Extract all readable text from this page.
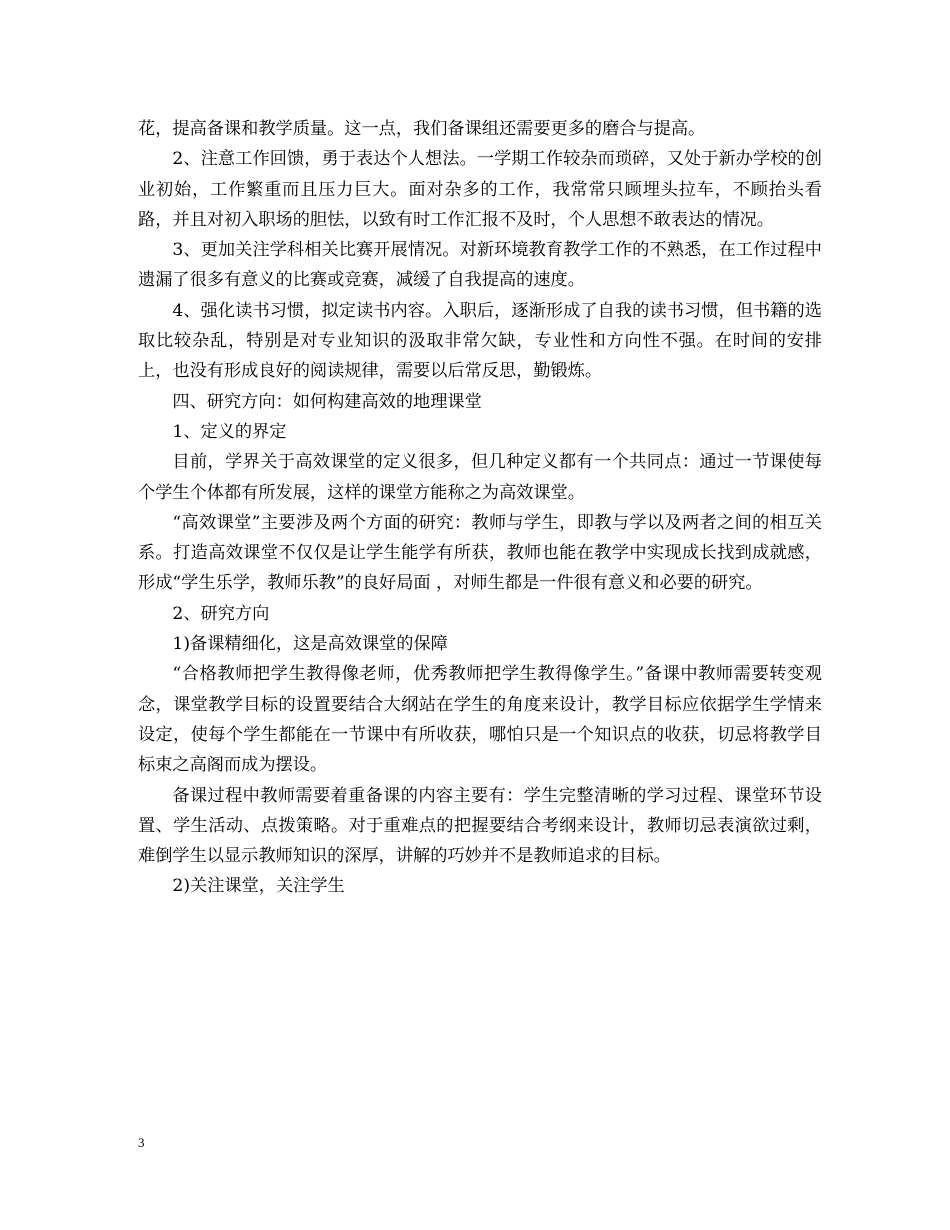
花，提高备课和教学质量。这一点，我们备课组还需要更多的磨合与提高。

2、注意工作回馈，勇于表达个人想法。一学期工作较杂而琐碎，又处于新办学校的创业初始，工作繁重而且压力巨大。面对杂多的工作，我常常只顾埋头拉车，不顾抬头看路，并且对初入职场的胆怯，以致有时工作汇报不及时，个人思想不敢表达的情况。

3、更加关注学科相关比赛开展情况。对新环境教育教学工作的不熟悉，在工作过程中遗漏了很多有意义的比赛或竞赛，减缓了自我提高的速度。

4、强化读书习惯，拟定读书内容。入职后，逐渐形成了自我的读书习惯，但书籍的选取比较杂乱，特别是对专业知识的汲取非常欠缺，专业性和方向性不强。在时间的安排上，也没有形成良好的阅读规律，需要以后常反思，勤锻炼。

四、研究方向：如何构建高效的地理课堂

1、定义的界定

目前，学界关于高效课堂的定义很多，但几种定义都有一个共同点：通过一节课使每个学生个体都有所发展，这样的课堂方能称之为高效课堂。

“高效课堂”主要涉及两个方面的研究：教师与学生，即教与学以及两者之间的相互关系。打造高效课堂不仅仅是让学生能学有所获，教师也能在教学中实现成长找到成就感，形成“学生乐学，教师乐教”的良好局面 ，对师生都是一件很有意义和必要的研究。

2、研究方向

1)备课精细化，这是高效课堂的保障

“合格教师把学生教得像老师，优秀教师把学生教得像学生。”备课中教师需要转变观念，课堂教学目标的设置要结合大纲站在学生的角度来设计，教学目标应依据学生学情来设定，使每个学生都能在一节课中有所收获，哪怕只是一个知识点的收获，切忌将教学目标束之高阁而成为摆设。

备课过程中教师需要着重备课的内容主要有：学生完整清晰的学习过程、课堂环节设置、学生活动、点拨策略。对于重难点的把握要结合考纲来设计，教师切忌表演欲过剩，难倒学生以显示教师知识的深厚，讲解的巧妙并不是教师追求的目标。

2)关注课堂，关注学生

3
